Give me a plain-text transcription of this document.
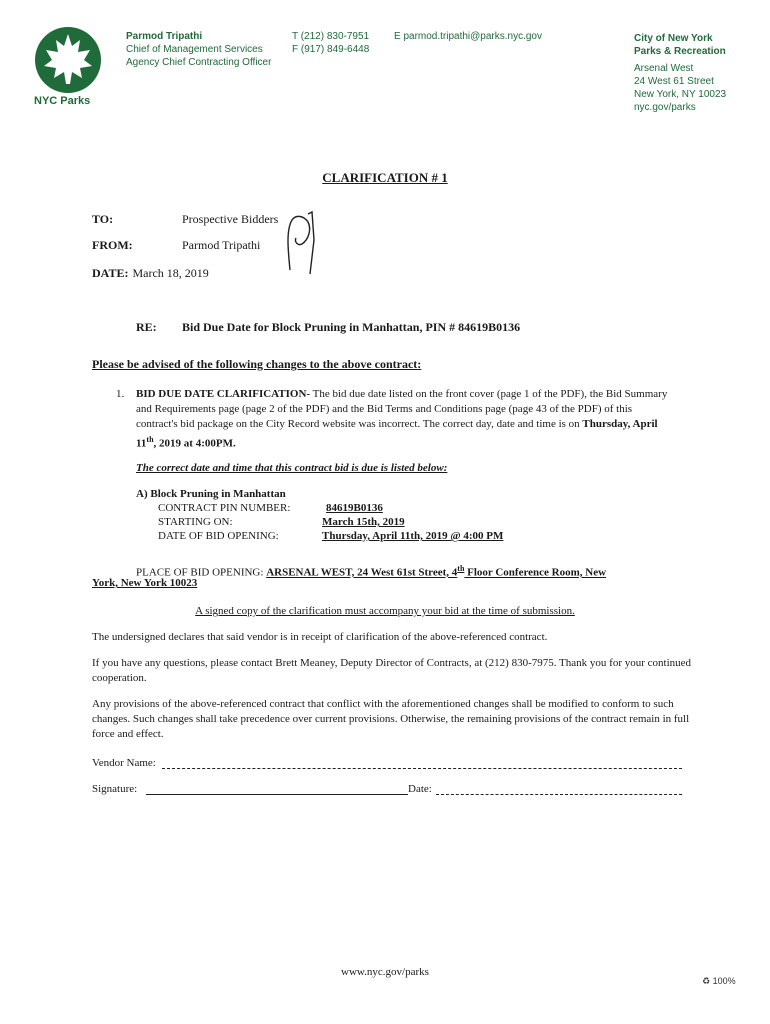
NYC Parks
Parmod Tripathi
Chief of Management Services
Agency Chief Contracting Officer
T (212) 830-7951
F (917) 849-6448
E parmod.tripathi@parks.nyc.gov	City of New York
Parks & Recreation
Arsenal West
24 West 61 Street
New York, NY 10023
nyc.gov/parks
CLARIFICATION # 1
TO:	Prospective Bidders
FROM:	Parmod Tripathi
DATE: March 18, 2019
RE: Bid Due Date for Block Pruning in Manhattan, PIN # 84619B0136
Please be advised of the following changes to the above contract:
1. BID DUE DATE CLARIFICATION- The bid due date listed on the front cover (page 1 of the PDF), the Bid Summary and Requirements page (page 2 of the PDF) and the Bid Terms and Conditions page (page 43 of the PDF) of this contract's bid package on the City Record website was incorrect. The correct day, date and time is on Thursday, April 11th, 2019 at 4:00PM.
The correct date and time that this contract bid is due is listed below:
A) Block Pruning in Manhattan
CONTRACT PIN NUMBER:	84619B0136
STARTING ON:	March 15th, 2019
DATE OF BID OPENING:	Thursday, April 11th, 2019 @ 4:00 PM
PLACE OF BID OPENING: ARSENAL WEST, 24 West 61st Street, 4th Floor Conference Room, New
York, New York 10023
A signed copy of the clarification must accompany your bid at the time of submission.
The undersigned declares that said vendor is in receipt of clarification of the above-referenced contract.
If you have any questions, please contact Brett Meaney, Deputy Director of Contracts, at (212) 830-7975. Thank you for your continued cooperation.
Any provisions of the above-referenced contract that conflict with the aforementioned changes shall be modified to conform to such changes. Such changes shall take precedence over current provisions. Otherwise, the remaining provisions of the contract remain in full force and effect.
Vendor Name:
Signature:	Date:
www.nyc.gov/parks
♻ 100%
